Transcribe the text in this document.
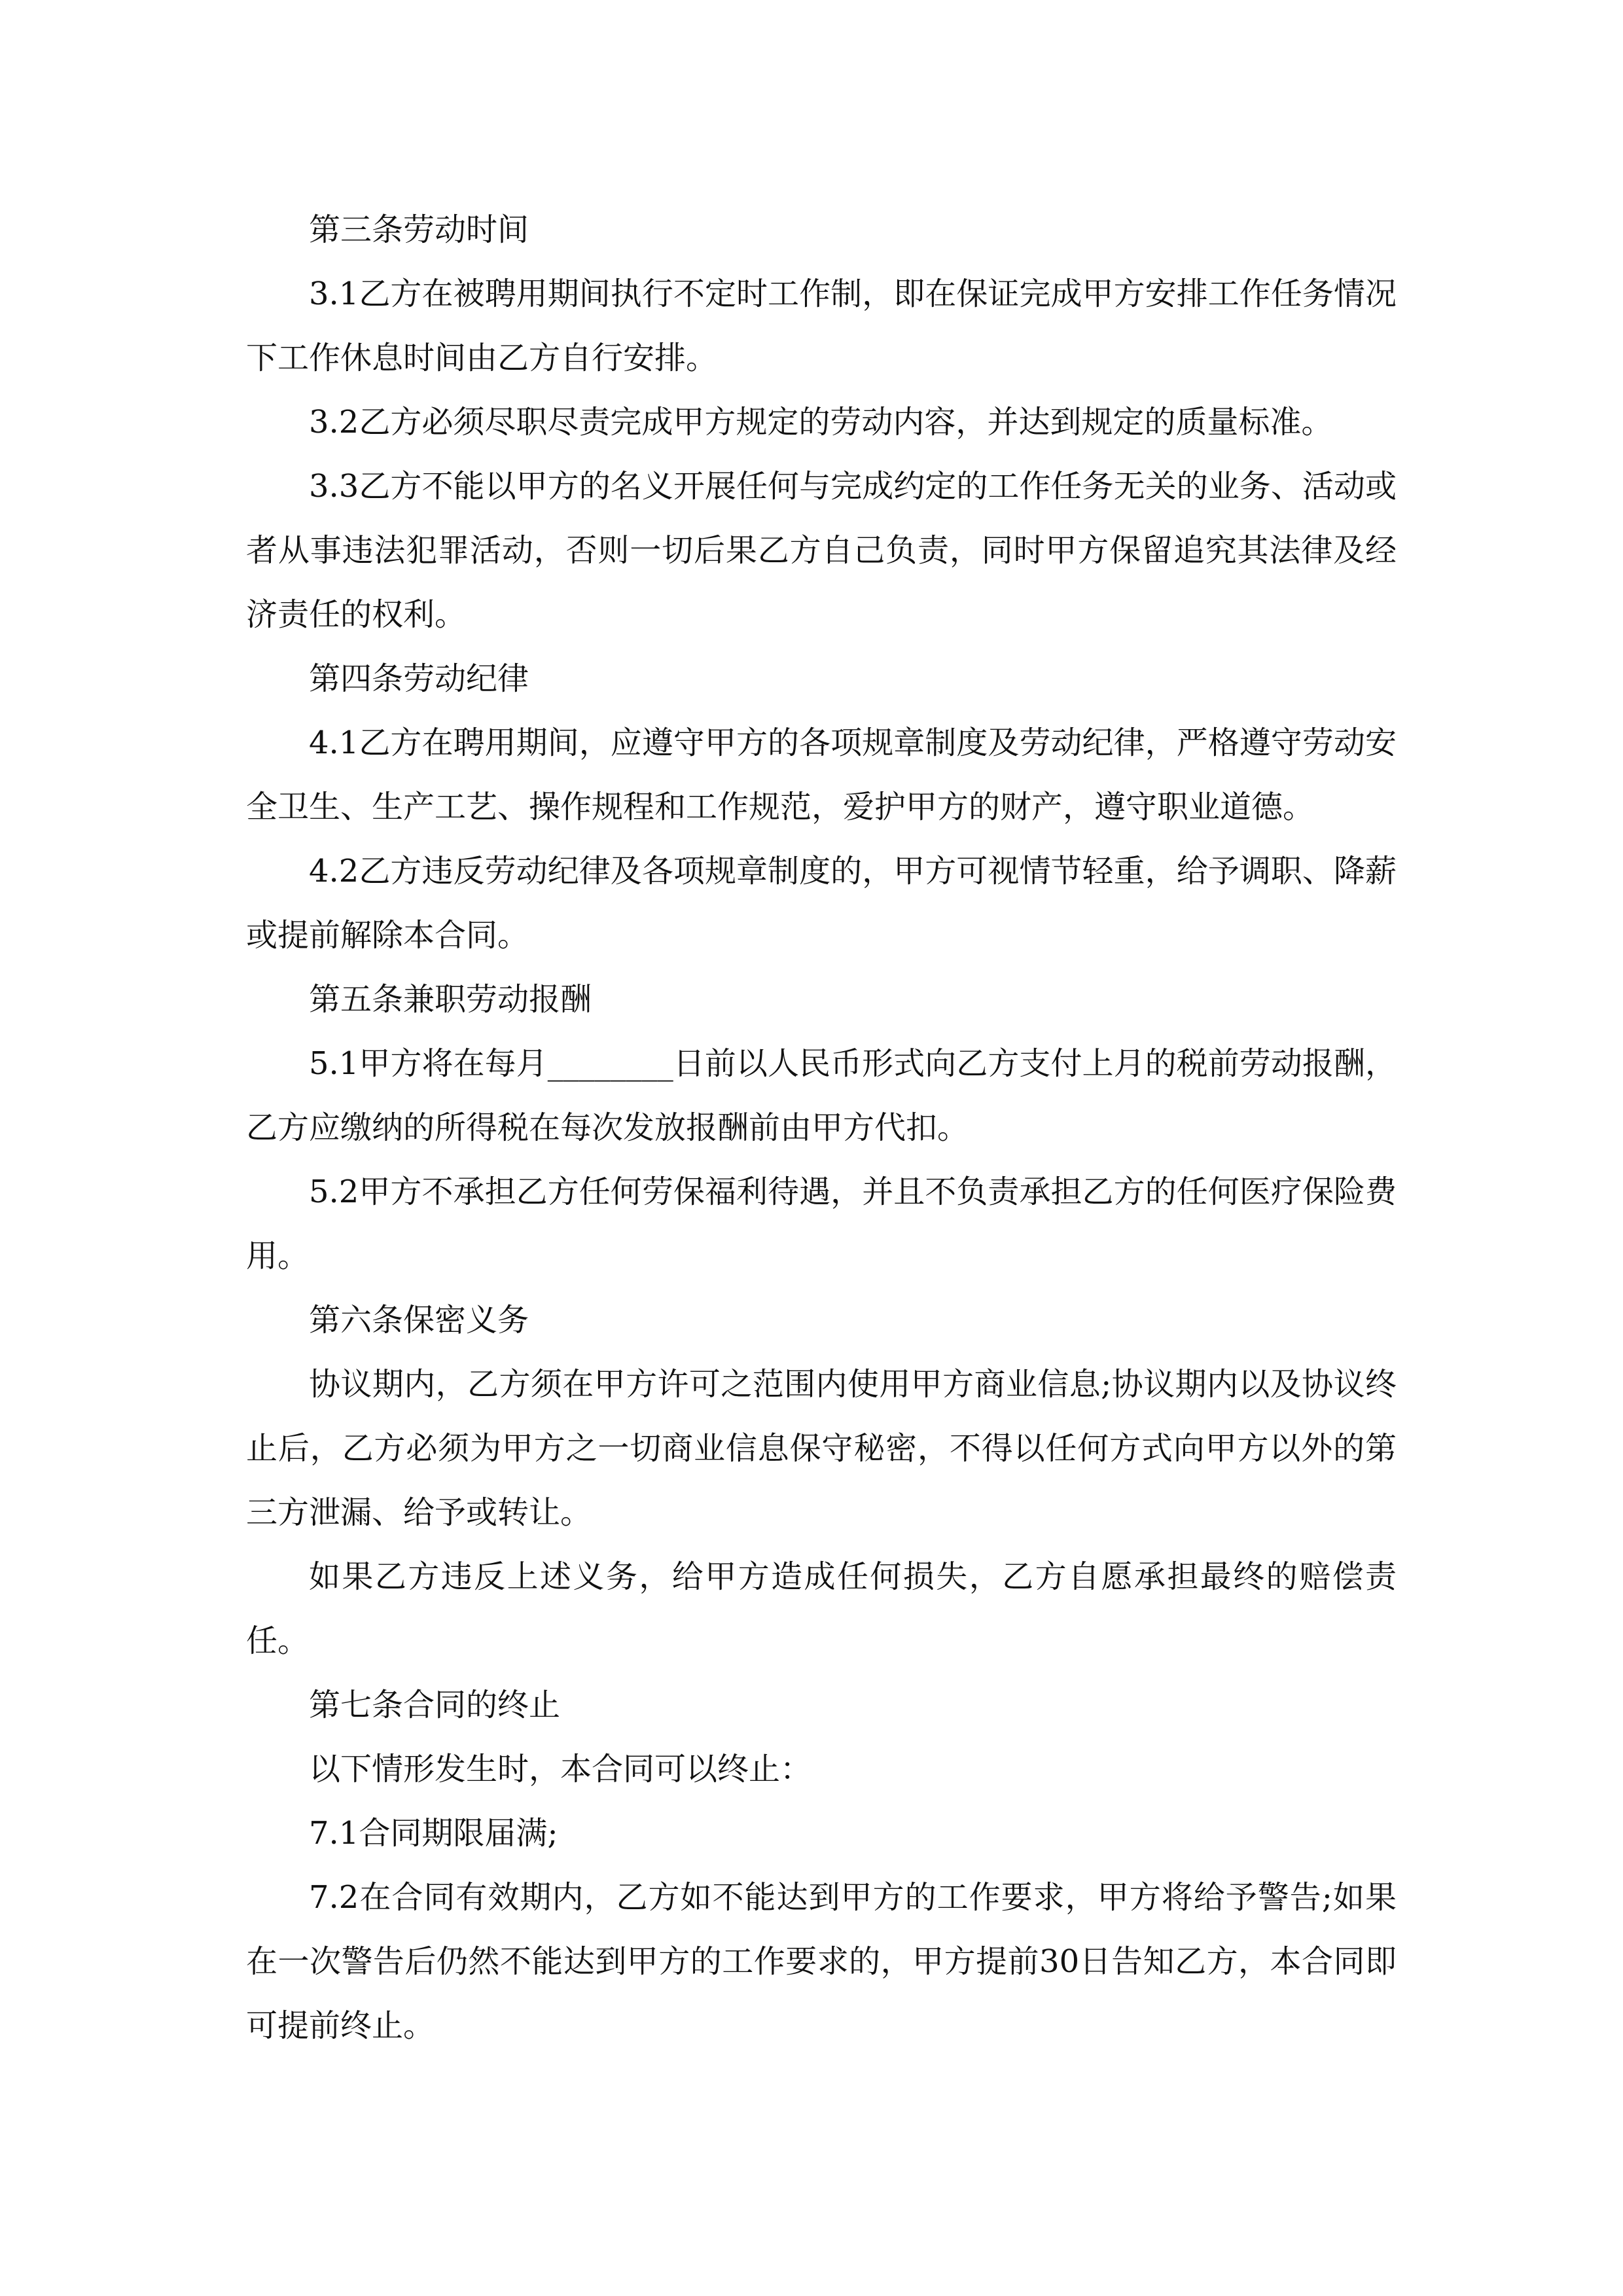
第三条劳动时间

3.1乙方在被聘用期间执行不定时工作制，即在保证完成甲方安排工作任务情况下工作休息时间由乙方自行安排。

3.2乙方必须尽职尽责完成甲方规定的劳动内容，并达到规定的质量标准。

3.3乙方不能以甲方的名义开展任何与完成约定的工作任务无关的业务、活动或者从事违法犯罪活动，否则一切后果乙方自己负责，同时甲方保留追究其法律及经济责任的权利。

第四条劳动纪律

4.1乙方在聘用期间，应遵守甲方的各项规章制度及劳动纪律，严格遵守劳动安全卫生、生产工艺、操作规程和工作规范，爱护甲方的财产，遵守职业道德。

4.2乙方违反劳动纪律及各项规章制度的，甲方可视情节轻重，给予调职、降薪或提前解除本合同。

第五条兼职劳动报酬

5.1甲方将在每月________日前以人民币形式向乙方支付上月的税前劳动报酬，乙方应缴纳的所得税在每次发放报酬前由甲方代扣。

5.2甲方不承担乙方任何劳保福利待遇，并且不负责承担乙方的任何医疗保险费用。

第六条保密义务

协议期内，乙方须在甲方许可之范围内使用甲方商业信息;协议期内以及协议终止后，乙方必须为甲方之一切商业信息保守秘密，不得以任何方式向甲方以外的第三方泄漏、给予或转让。

如果乙方违反上述义务，给甲方造成任何损失，乙方自愿承担最终的赔偿责任。

第七条合同的终止

以下情形发生时，本合同可以终止：

7.1合同期限届满;

7.2在合同有效期内，乙方如不能达到甲方的工作要求，甲方将给予警告;如果在一次警告后仍然不能达到甲方的工作要求的，甲方提前30日告知乙方，本合同即可提前终止。
